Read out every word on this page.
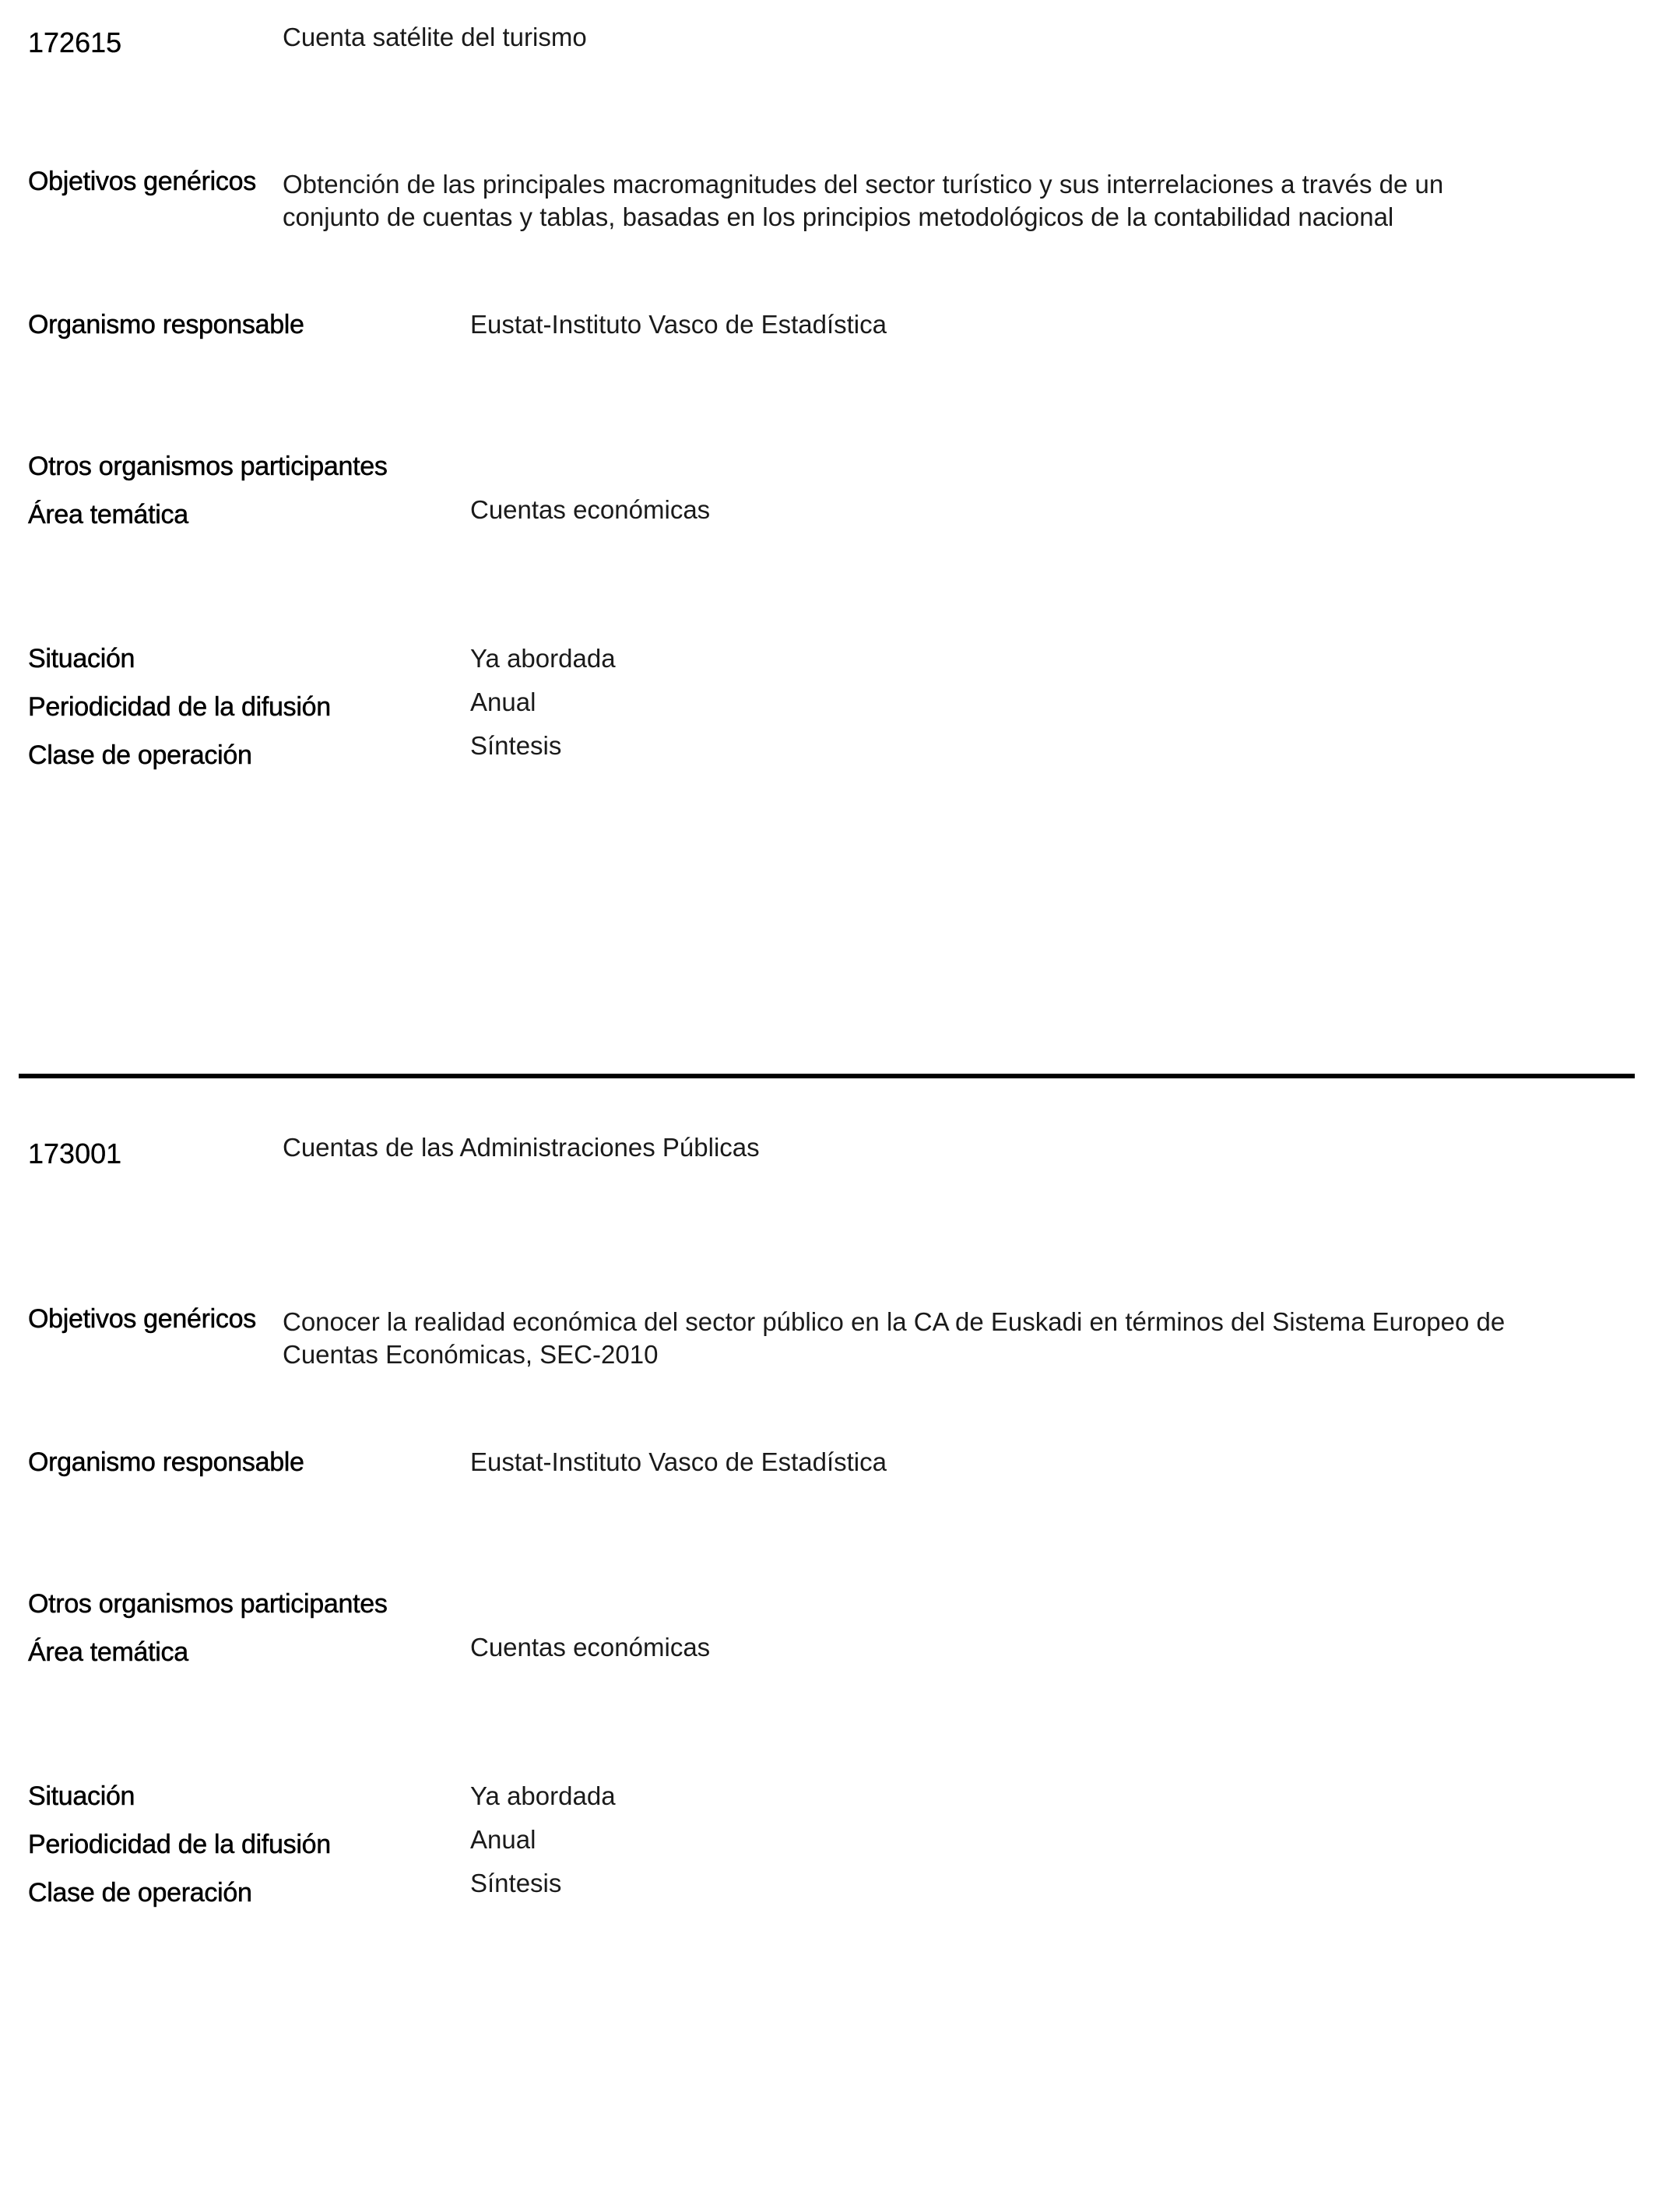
172615	Cuenta satélite del turismo

Objetivos genéricos Obtención de las principales macromagnitudes del sector turístico y sus interrelaciones a través de un conjunto de cuentas y tablas, basadas en los principios metodológicos de la contabilidad nacional

Organismo responsable	Eustat-Instituto Vasco de Estadística

Otros organismos participantes

Área temática	Cuentas económicas

Situación	Ya abordada

Periodicidad de la difusión	Anual

Clase de operación	Síntesis

173001	Cuentas de las Administraciones Públicas

Objetivos genéricos Conocer la realidad económica del sector público en la CA de Euskadi en términos del Sistema Europeo de Cuentas Económicas, SEC-2010

Organismo responsable	Eustat-Instituto Vasco de Estadística

Otros organismos participantes

Área temática	Cuentas económicas

Situación	Ya abordada

Periodicidad de la difusión	Anual

Clase de operación	Síntesis
